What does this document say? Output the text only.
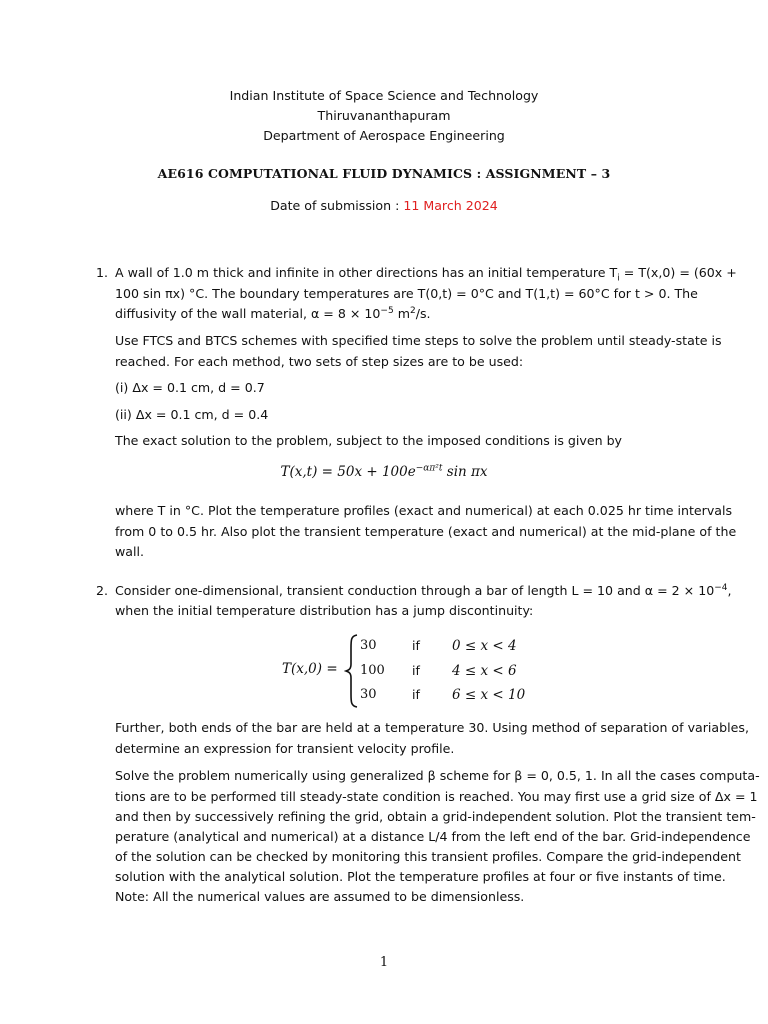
Indian Institute of Space Science and Technology
Thiruvananthapuram
Department of Aerospace Engineering
AE616 COMPUTATIONAL FLUID DYNAMICS : ASSIGNMENT – 3
Date of submission : 11 March 2024
1. A wall of 1.0 m thick and infinite in other directions has an initial temperature $T_i = T(x,0) = (60x$ +
100 sin πx) °C. The boundary temperatures are T(0,t) = 0°C and T(1,t) = 60°C for t > 0. The
diffusivity of the wall material, $\alpha = 8 \times 10^{-5}$ $m^2/s$.
Use FTCS and BTCS schemes with specified time steps to solve the problem until steady-state is
reached. For each method, two sets of step sizes are to be used:
(i) Δx = 0.1 cm, d = 0.7
(ii) Δx = 0.1 cm, d = 0.4
The exact solution to the problem, subject to the imposed conditions is given by
$T(x,t) = 50x + 100e^{-\alpha\pi^2t}$ sin πx
where T in °C. Plot the temperature profiles (exact and numerical) at each 0.025 hr time intervals
from 0 to 0.5 hr. Also plot the transient temperature (exact and numerical) at the mid-plane of the
wall.
2. Consider one-dimensional, transient conduction through a bar of length L = 10 and $\alpha = 2 \times 10^{-4}$,
when the initial temperature distribution has a jump discontinuity:
T(x,0) =
30	if 0 ≤ x < 4
100 if 4 ≤ x < 6
30	if 6 ≤ x < 10
Further, both ends of the bar are held at a temperature 30. Using method of separation of variables,
determine an expression for transient velocity profile.
Solve the problem numerically using generalized β scheme for β = 0, 0.5, 1. In all the cases computa-
tions are to be performed till steady-state condition is reached. You may first use a grid size of Δx = 1
and then by successively refining the grid, obtain a grid-independent solution. Plot the transient tem-
perature (analytical and numerical) at a distance L/4 from the left end of the bar. Grid-independence
of the solution can be checked by monitoring this transient profiles. Compare the grid-independent
solution with the analytical solution. Plot the temperature profiles at four or five instants of time.
Note: All the numerical values are assumed to be dimensionless.
1
